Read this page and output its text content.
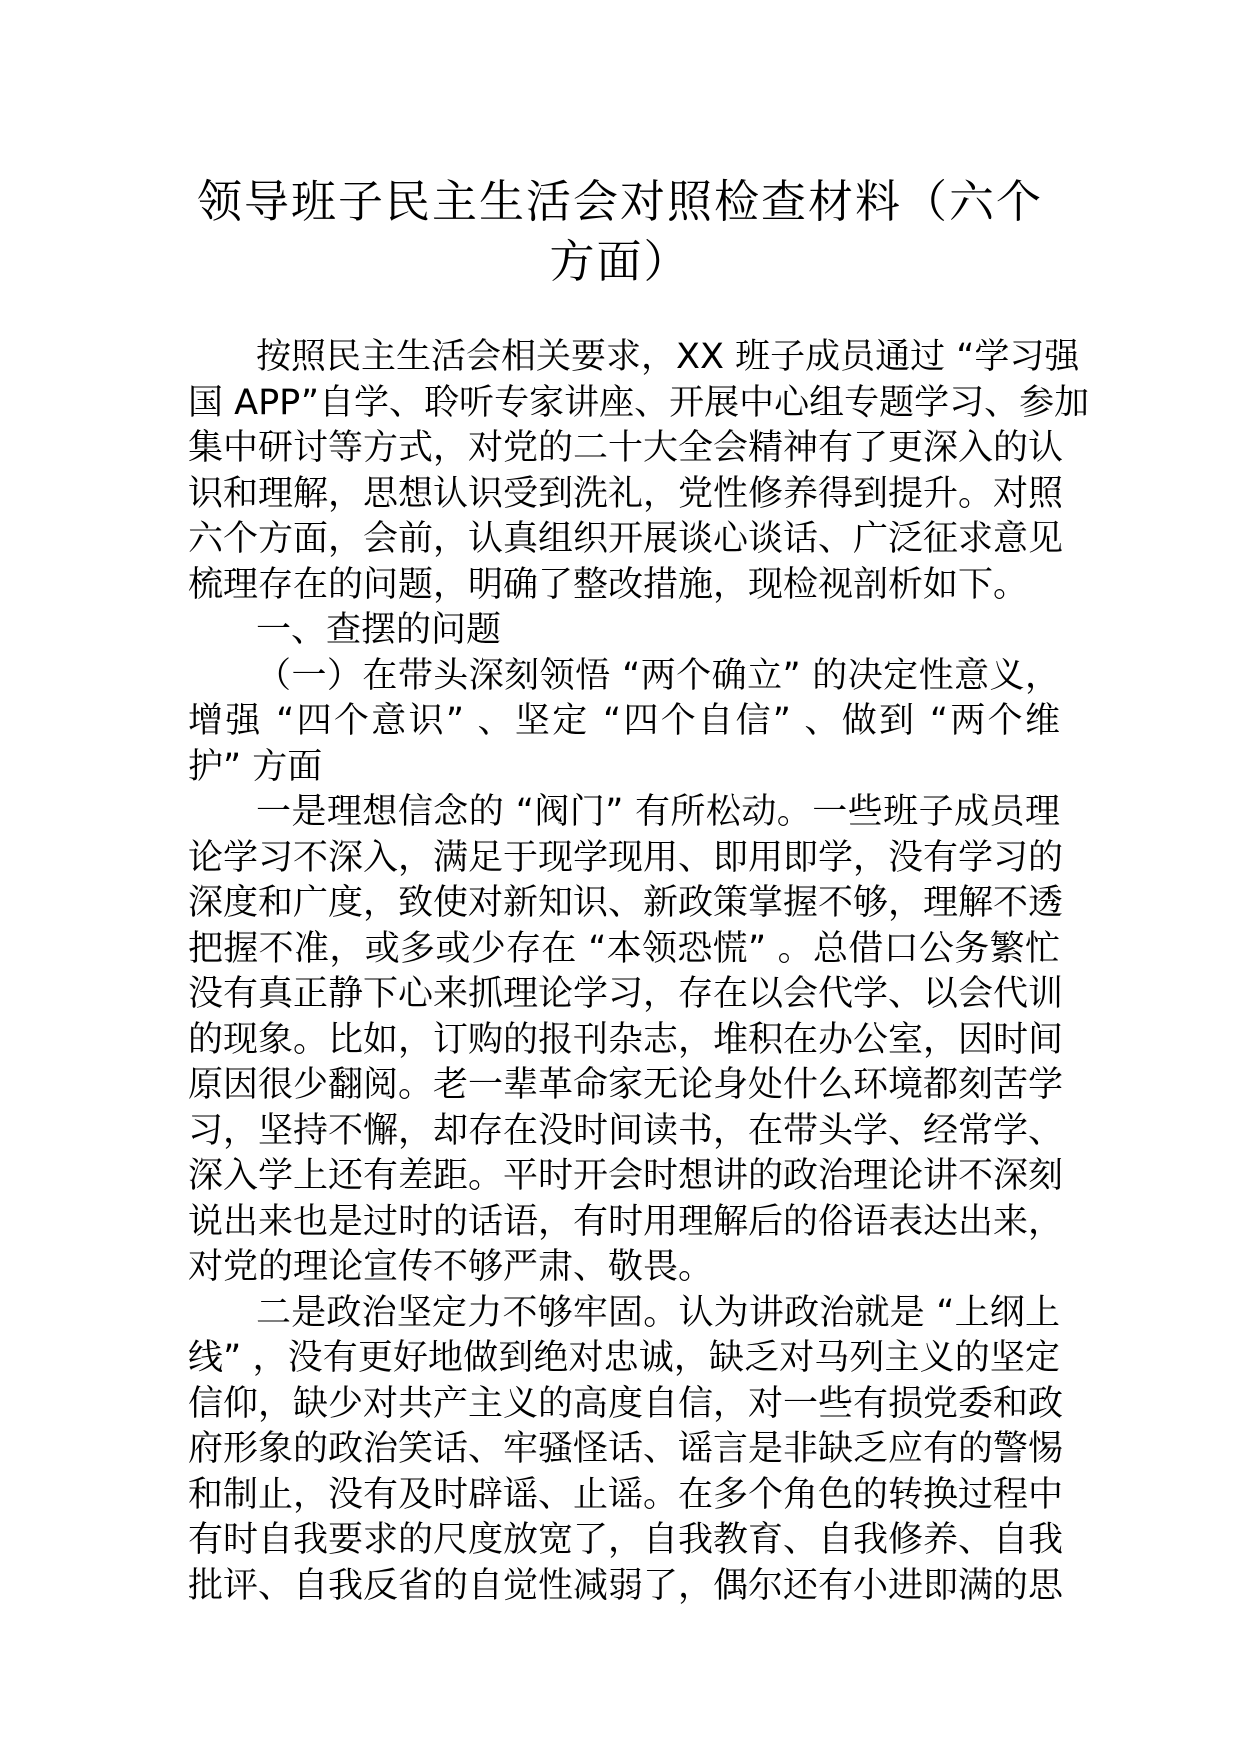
领导班子民主生活会对照检查材料（六个
方面）
按照民主生活会相关要求，XX 班子成员通过 “学习强
国 APP”自学、聆听专家讲座、开展中心组专题学习、参加
集中研讨等方式，对党的二十大全会精神有了更深入的认
识和理解，思想认识受到洗礼，党性修养得到提升。对照
六个方面，会前，认真组织开展谈心谈话、广泛征求意见
梳理存在的问题，明确了整改措施，现检视剖析如下。
一、查摆的问题
（一）在带头深刻领悟 “两个确立” 的决定性意义，
增强 “四个意识” 、坚定 “四个自信” 、做到 “两个维
护” 方面
一是理想信念的 “阀门” 有所松动。一些班子成员理
论学习不深入，满足于现学现用、即用即学，没有学习的
深度和广度，致使对新知识、新政策掌握不够，理解不透
把握不准，或多或少存在 “本领恐慌” 。总借口公务繁忙
没有真正静下心来抓理论学习，存在以会代学、以会代训
的现象。比如，订购的报刊杂志，堆积在办公室，因时间
原因很少翻阅。老一辈革命家无论身处什么环境都刻苦学
习，坚持不懈，却存在没时间读书，在带头学、经常学、
深入学上还有差距。平时开会时想讲的政治理论讲不深刻
说出来也是过时的话语，有时用理解后的俗语表达出来，
对党的理论宣传不够严肃、敬畏。
二是政治坚定力不够牢固。认为讲政治就是 “上纲上
线” ，没有更好地做到绝对忠诚，缺乏对马列主义的坚定
信仰，缺少对共产主义的高度自信，对一些有损党委和政
府形象的政治笑话、牢骚怪话、谣言是非缺乏应有的警惕
和制止，没有及时辟谣、止谣。在多个角色的转换过程中
有时自我要求的尺度放宽了，自我教育、自我修养、自我
批评、自我反省的自觉性减弱了，偶尔还有小进即满的思
